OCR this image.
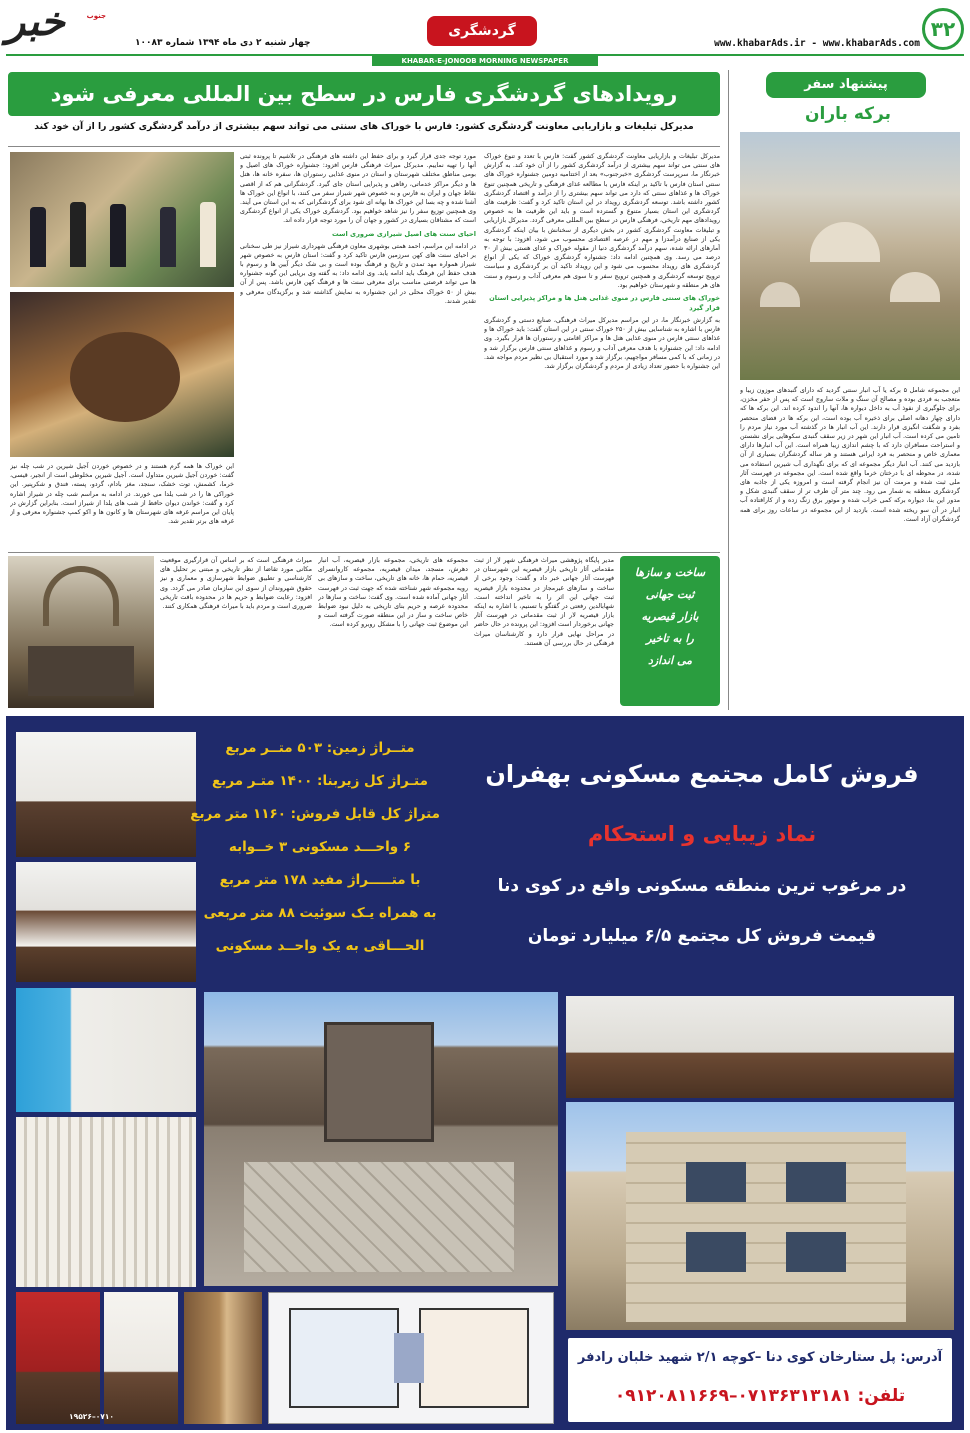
۳۲
www.khabarAds.ir - www.khabarAds.com
گردشگری
چهار شنبه ۲ دی ماه ۱۳۹۴ شماره ۱۰۰۸۳
خبر	جنوب
KHABAR-E-JONOOB MORNING NEWSPAPER
رویدادهای گردشگری فارس در سطح بین المللی معرفی شود
مدیرکل تبلیغات و بازاریابی معاونت گردشگری کشور: فارس با خوراک های سنتی می تواند سهم بیشتری از درآمد گردشگری کشور را از آن خود کند

مدیرکل تبلیغات و بازاریابی معاونت گردشگری کشور گفت: فارس با تعدد و تنوع خوراک های سنتی می تواند سهم بیشتری از درآمد گردشگری کشور را از آن خود کند. به گزارش خبرنگار ما، سرپرست گردشگری «خبرجنوب» بعد از اختتامیه دومین جشنواره خوراک های سنتی استان فارس با تاکید بر اینکه فارس با مطالعه غذای فرهنگی و تاریخی همچنین تنوع خوراک ها و غذاهای سنتی که دارد می تواند سهم بیشتری را از درآمد و اقتصاد گردشگری کشور داشته باشد. توسعه گردشگری رویداد در این استان تاکید کرد و گفت: ظرفیت های گردشگری این استان بسیار متنوع و گسترده است و باید این ظرفیت ها به خصوص رویدادهای مهم تاریخی، فرهنگی فارس در سطح بین المللی معرفی گردد. مدیرکل بازاریابی و تبلیغات معاونت گردشگری کشور در بخش دیگری از سخنانش با بیان اینکه گردشگری یکی از صنایع درآمدزا و مهم در عرصه اقتصادی محسوب می شود، افزود: با توجه به آمارهای ارائه شده، سهم درآمد گردشگری دنیا از مقوله خوراک و غذای هستی بیش از ۳۰ درصد می رسد. وی همچنین ادامه داد: جشنواره گردشگری خوراک که یکی از انواع گردشگری های رویداد محسوب می شود و این رویداد تاکید آن بر گردشگری و سیاست ترویج توسعه گردشگری و همچنین ترویج سفر و تا سوی هم معرفی آداب و رسوم و سنت های هر منطقه و شهرستان خواهیم بود.

خوراک های سنتی فارس در منوی غذایی هتل ها و مراکز پذیرایی استان قرار گیرد

به گزارش خبرنگار ما، در این مراسم مدیرکل میراث فرهنگی، صنایع دستی و گردشگری فارس با اشاره به شناسایی بیش از ۲۵۰ خوراک سنتی در این استان گفت: باید خوراک ها و غذاهای سنتی فارس در منوی غذایی هتل ها و مراکز اقامتی و رستوران ها قرار بگیرد. وی ادامه داد: این جشنواره با هدف معرفی آداب و رسوم و غذاهای سنتی فارس برگزار شد و در زمانی که با کمی مسافر مواجهیم، برگزار شد و مورد استقبال بی نظیر مردم مواجه شد. این جشنواره با حضور تعداد زیادی از مردم و گردشگران برگزار شد.

مورد توجه جدی قرار گیرد و برای حفظ این داشته های فرهنگی در تلاشیم تا پرونده ثبتی آنها را تهیه نماییم. مدیرکل میراث فرهنگی فارس افزود: جشنواره خوراک های اصیل و بومی مناطق مختلف شهرستان و استان در منوی غذایی رستوران ها، سفره خانه ها، هتل ها و دیگر مراکز خدماتی، رفاهی و پذیرایی استان جای گیرد. گردشگرانی هم که از اقصی نقاط جهان و ایران به فارس و به خصوص شهر شیراز سفر می کنند، با انواع این خوراک ها آشنا شده و چه بسا این خوراک ها بهانه ای شود برای گردشگرانی که به این استان می آیند. وی همچنین توزیع سفر را نیز شاهد خواهیم بود. گردشگری خوراک یکی از انواع گردشگری است که مشتاقان بسیاری در کشور و جهان آن را مورد توجه قرار داده اند.

احیای سنت های اصیل شیرازی ضروری است

در ادامه این مراسم، احمد همتی بوشهری معاون فرهنگی شهرداری شیراز نیز طی سخنانی بر احیای سنت های کهن سرزمین فارس تاکید کرد و گفت: استان فارس به خصوص شهر شیراز همواره مهد تمدن و تاریخ و فرهنگ بوده است و بی شک دیگر آیین ها و رسوم با هدف حفظ این فرهنگ باید ادامه یابد. وی ادامه داد: به گفته وی برپایی این گونه جشنواره ها می تواند فرصتی مناسب برای معرفی سنت ها و فرهنگ کهن فارس باشد. پس از آن بیش از ۵۰ خوراک محلی در این جشنواره به نمایش گذاشته شد و برگزیدگان معرفی و تقدیر شدند.

این خوراک ها همه گرم هستند و در خصوص خوردن آجیل شیرین در شب چله نیز گفت: خوردن آجیل شیرین متداول است. آجیل شیرین مخلوطی است از انجیر، قیسی، خرما، کشمش، توت خشک، سنجد، مغز بادام، گردو، پسته، فندق و شکرپنیر. این خوراکی ها را در شب یلدا می خورند. در ادامه به مراسم شب چله در شیراز اشاره کرد و گفت: خواندن دیوان حافظ از شب های یلدا از شیراز است. بنابراین گزارش در پایان این مراسم غرفه های شهرستان ها و کانون ها و اکو کمپ جشنواره معرفی و از غرفه های برتر تقدیر شد.

ساخت و سازها
ثبت جهانی
بازار قیصریه
را به تاخیر
می اندازد

مدیر پایگاه پژوهشی میراث فرهنگی شهر لار از ثبت مقدماتی آثار تاریخی بازار قیصریه این شهرستان در فهرست آثار جهانی خبر داد و گفت: وجود برخی از ساخت و سازهای غیرمجاز در محدوده بازار قیصریه ثبت جهانی این اثر را به تاخیر انداخته است. شهابالدین رفعتی در گفتگو با تسنیم، با اشاره به اینکه بازار قیصریه لار از ثبت مقدماتی در فهرست آثار جهانی برخوردار است افزود: این پرونده در حال حاضر در مراحل نهایی قرار دارد و کارشناسان میراث فرهنگی در حال بررسی آن هستند.

مجموعه های تاریخی، مجموعه بازار قیصریه، آب انبار دهرش، مسجد، میدان قیصریه، مجموعه کاروانسرای قیصریه، حمام ها، خانه های تاریخی، ساخت و سازهای بی رویه مجموعه شهر شناخته شده که جهت ثبت در فهرست آثار جهانی آماده شده است. وی گفت: ساخت و سازها در محدوده عرصه و حریم بنای تاریخی به دلیل نبود ضوابط خاص ساخت و ساز در این منطقه صورت گرفته است و این موضوع ثبت جهانی را با مشکل روبرو کرده است.

میراث فرهنگی است که بر اساس آن قرارگیری موقعیت مکانی مورد تقاضا از نظر تاریخی و مبتنی بر تحلیل های کارشناسی و تطبیق ضوابط شهرسازی و معماری و نیز حقوق شهروندان از سوی این سازمان صادر می گردد. وی افزود: رعایت ضوابط و حریم ها در محدوده بافت تاریخی ضروری است و مردم باید با میراث فرهنگی همکاری کنند.

پیشنهاد سفر
برکه باران

این مجموعه شامل ۵ برکه یا آب انبار سنتی گردید که دارای گنبدهای موزون زیبا و متعجب به فردی بوده و مصالح آن سنگ و ملات ساروج است که پس از حفر مخزن، برای جلوگیری از نفوذ آب به داخل دیواره ها، آنها را اندود کرده اند. این برکه ها که دارای چهار دهانه اصلی برای ذخیره آب بوده است، این برکه ها در فضای منحصر بفرد و شگفت انگیزی قرار دارند. این آب انبار ها در گذشته آب مورد نیاز مردم را تامین می کرده است. آب انبار این شهر در زیر سقف گنبدی سکوهایی برای نشستن و استراحت مسافران دارد که با چشم اندازی زیبا همراه است. این آب انبارها دارای معماری خاص و منحصر به فرد ایرانی هستند و هر ساله گردشگران بسیاری از آن بازدید می کنند. آب انبار دیگر مجموعه ای که برای نگهداری آب شیرین استفاده می شده، در محوطه ای با درختان خرما واقع شده است. این مجموعه در فهرست آثار ملی ثبت شده و مرمت آن نیز انجام گرفته است و امروزه یکی از جاذبه های گردشگری منطقه به شمار می رود. چند متر آن طرف تر از سقف گنبدی شکل و مدور این بنا، دیواره برکه کمی خراب شده و موتور برق زنگ زده و از کارافتاده آب انبار در آن سو ریخته شده است. بازدید از این مجموعه در ساعات روز برای همه گردشگران آزاد است.

۰۷۱۰–۱۹۵۲۶
متــراژ زمین: ۵۰۳ متــر مربع
متـراژ کل زیربنا: ۱۴۰۰ متـر مربع
متراژ کل قابل فروش: ۱۱۶۰ متر مربع
۶ واحـــد مسکونی ۳ خــوابه
با متـــــراژ مفید ۱۷۸ متر مربع
به همراه یـک سوئیت ۸۸ متر مربعی
الحـــاقی به یک واحــد مسکونی
فروش کامل مجتمع مسکونی بهفران
نماد زیبایی و استحکام
در مرغوب ترین منطقه مسکونی واقع در کوی دنا
قیمت فروش کل مجتمع ۶/۵ میلیارد تومان
آدرس: پل ستارخان کوی دنا –کوچه ۲/۱ شهید خلبان رادفر
تلفن: ۰۷۱۳۶۳۱۳۱۸۱–۰۹۱۲۰۸۱۱۶۶۹
